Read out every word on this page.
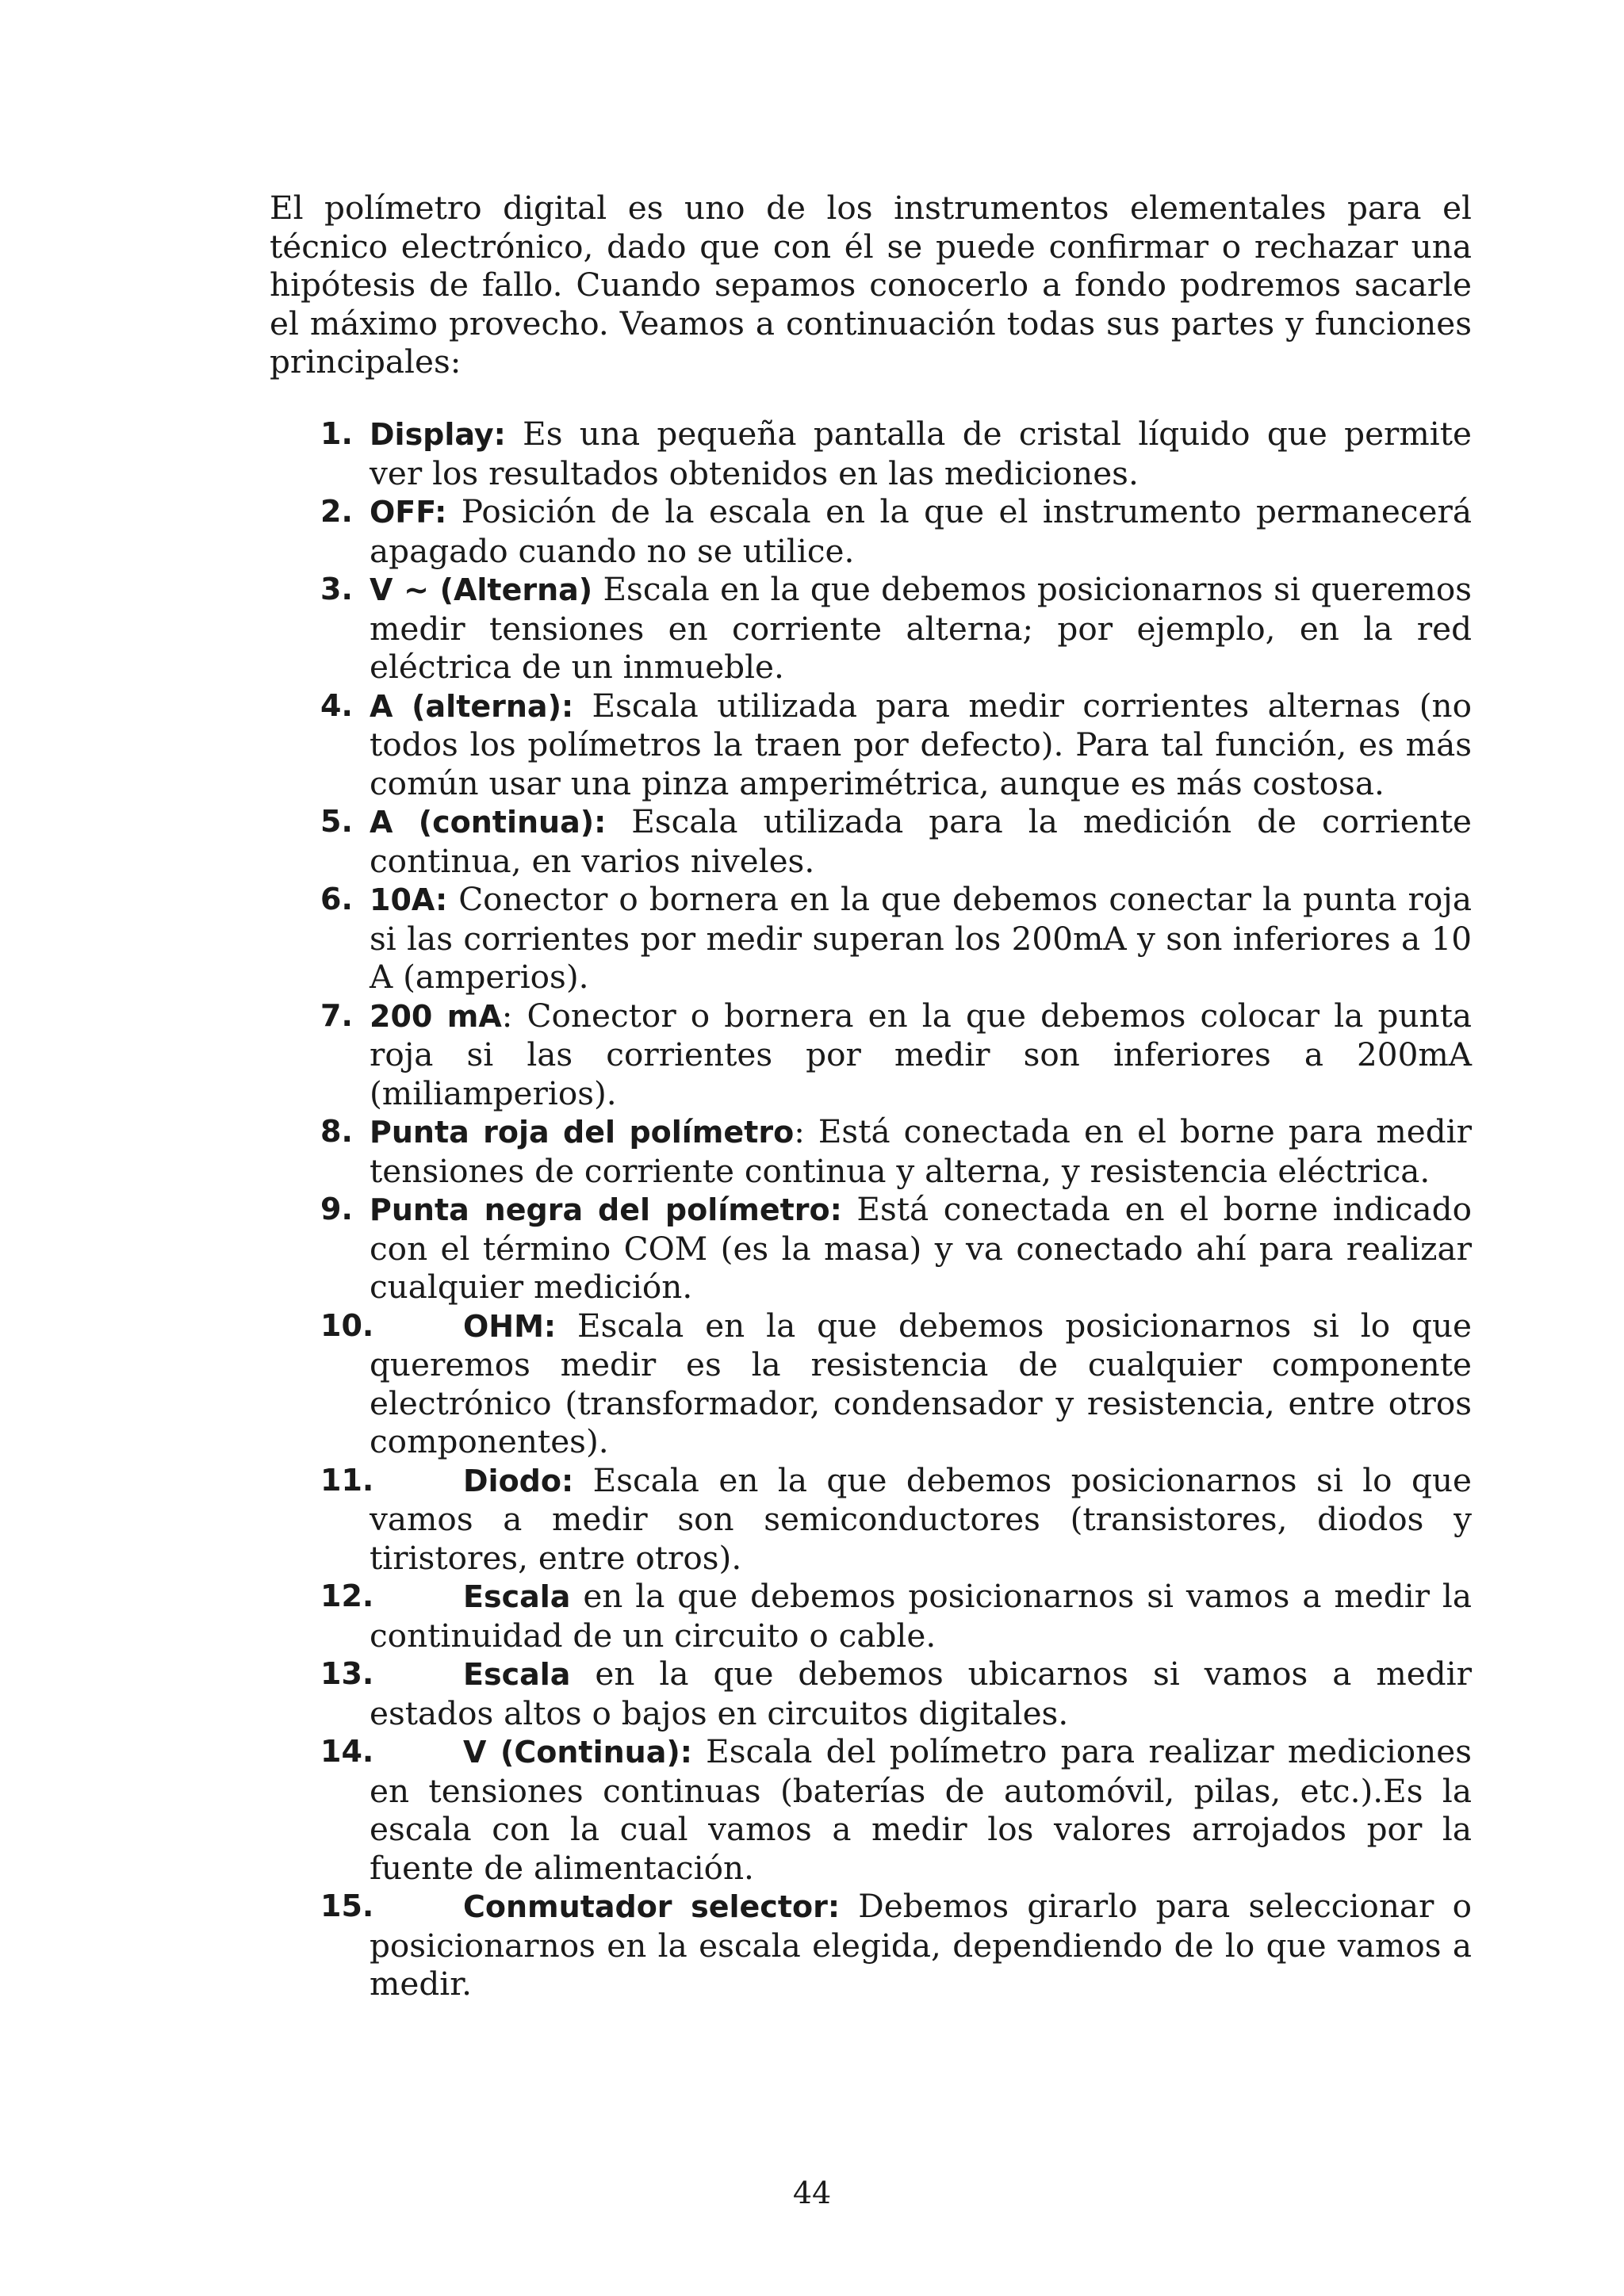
El polímetro digital es uno de los instrumentos elementales para el técnico electrónico, dado que con él se puede confirmar o rechazar una hipótesis de fallo. Cuando sepamos conocerlo a fondo podremos sacarle el máximo provecho. Veamos a continuación todas sus partes y funciones principales:

1. Display: Es una pequeña pantalla de cristal líquido que permite ver los resultados obtenidos en las mediciones.
2. OFF: Posición de la escala en la que el instrumento permanecerá apagado cuando no se utilice.
3. V ~ (Alterna) Escala en la que debemos posicionarnos si queremos medir tensiones en corriente alterna; por ejemplo, en la red eléctrica de un inmueble.
4. A (alterna): Escala utilizada para medir corrientes alternas (no todos los polímetros la traen por defecto). Para tal función, es más común usar una pinza amperimétrica, aunque es más costosa.
5. A (continua): Escala utilizada para la medición de corriente continua, en varios niveles.
6. 10A: Conector o bornera en la que debemos conectar la punta roja si las corrientes por medir superan los 200mA y son inferiores a 10 A (amperios).
7. 200 mA: Conector o bornera en la que debemos colocar la punta roja si las corrientes por medir son inferiores a 200mA (miliamperios).
8. Punta roja del polímetro: Está conectada en el borne para medir tensiones de corriente continua y alterna, y resistencia eléctrica.
9. Punta negra del polímetro: Está conectada en el borne indicado con el término COM (es la masa) y va conectado ahí para realizar cualquier medición.
10.	OHM: Escala en la que debemos posicionarnos si lo que queremos medir es la resistencia de cualquier componente electrónico (transformador, condensador y resistencia, entre otros componentes).
11.	Diodo: Escala en la que debemos posicionarnos si lo que vamos a medir son semiconductores (transistores, diodos y tiristores, entre otros).
12.	Escala en la que debemos posicionarnos si vamos a medir la continuidad de un circuito o cable.
13.	Escala en la que debemos ubicarnos si vamos a medir estados altos o bajos en circuitos digitales.
14.	V (Continua): Escala del polímetro para realizar mediciones en tensiones continuas (baterías de automóvil, pilas, etc.).Es la escala con la cual vamos a medir los valores arrojados por la fuente de alimentación.
15.	Conmutador selector: Debemos girarlo para seleccionar o posicionarnos en la escala elegida, dependiendo de lo que vamos a medir.
44
